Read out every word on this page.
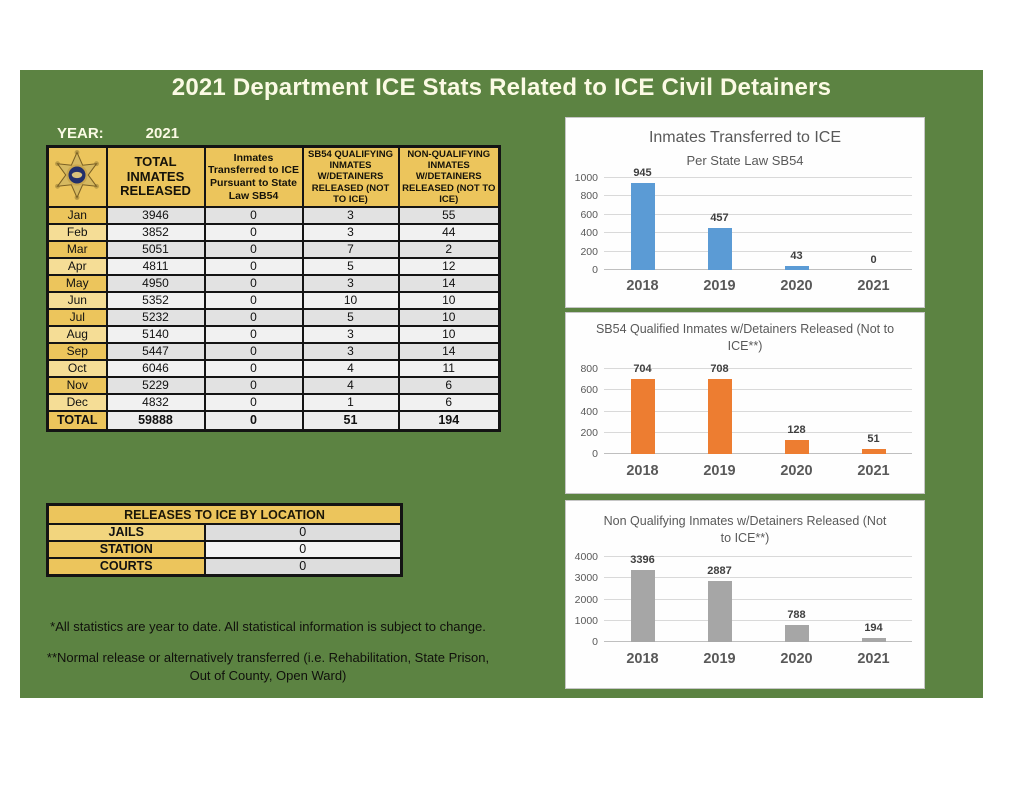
2021 Department ICE Stats Related to ICE Civil Detainers
YEAR:	2021
	TOTAL INMATES RELEASED	Inmates Transferred to ICE Pursuant to State Law SB54	SB54 QUALIFYING INMATES W/DETAINERS RELEASED (NOT TO ICE)	NON-QUALIFYING INMATES W/DETAINERS RELEASED (NOT TO ICE)
Jan	3946	0	3	55
Feb	3852	0	3	44
Mar	5051	0	7	2
Apr	4811	0	5	12
May	4950	0	3	14
Jun	5352	0	10	10
Jul	5232	0	5	10
Aug	5140	0	3	10
Sep	5447	0	3	14
Oct	6046	0	4	11
Nov	5229	0	4	6
Dec	4832	0	1	6
TOTAL	59888	0	51	194
RELEASES TO ICE BY LOCATION	
JAILS	0
STATION	0
COURTS	0

*All statistics are year to date. All statistical information is subject to change.

**Normal release or alternatively transferred (i.e. Rehabilitation, State Prison, Out of County, Open Ward)

Inmates Transferred to ICE
Per State Law SB54
945
457
43	0
0
200
400
600
800
1000
2018	2019	2020	2021
SB54 Qualified Inmates w/Detainers Released (Not to ICE**)
704	708
128
51
0
200
400
600
800
2018	2019	2020	2021
Non Qualifying Inmates w/Detainers Released (Not to ICE**)
3396
2887
788
194
0
1000
2000
3000
4000
2018	2019	2020	2021
